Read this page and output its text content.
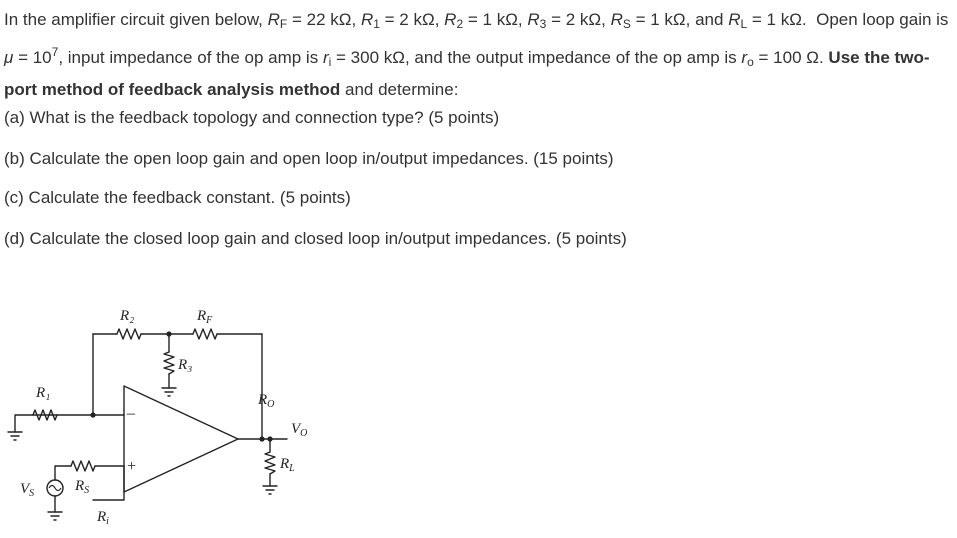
In the amplifier circuit given below, $R_F = 22$ kΩ, $R_1 = 2$ kΩ, $R_2 = 1$ kΩ, $R_3 = 2$ kΩ, $R_S = 1$ kΩ, and $R_L = 1$ kΩ. Open loop gain is $\mu = 10^7$, input impedance of the op amp is $r_i = 300$ kΩ, and the output impedance of the op amp is $r_o = 100$ Ω. Use the two-port method of feedback analysis method and determine:

(a) What is the feedback topology and connection type? (5 points)

(b) Calculate the open loop gain and open loop in/output impedances. (15 points)

(c) Calculate the feedback constant. (5 points)

(d) Calculate the closed loop gain and closed loop in/output impedances. (5 points)

–
+
R₂	$R_F$
R₃
R₁	$R_O$
$V_O$
$R_L$
$V_S$	$R_S$
$R_i$
